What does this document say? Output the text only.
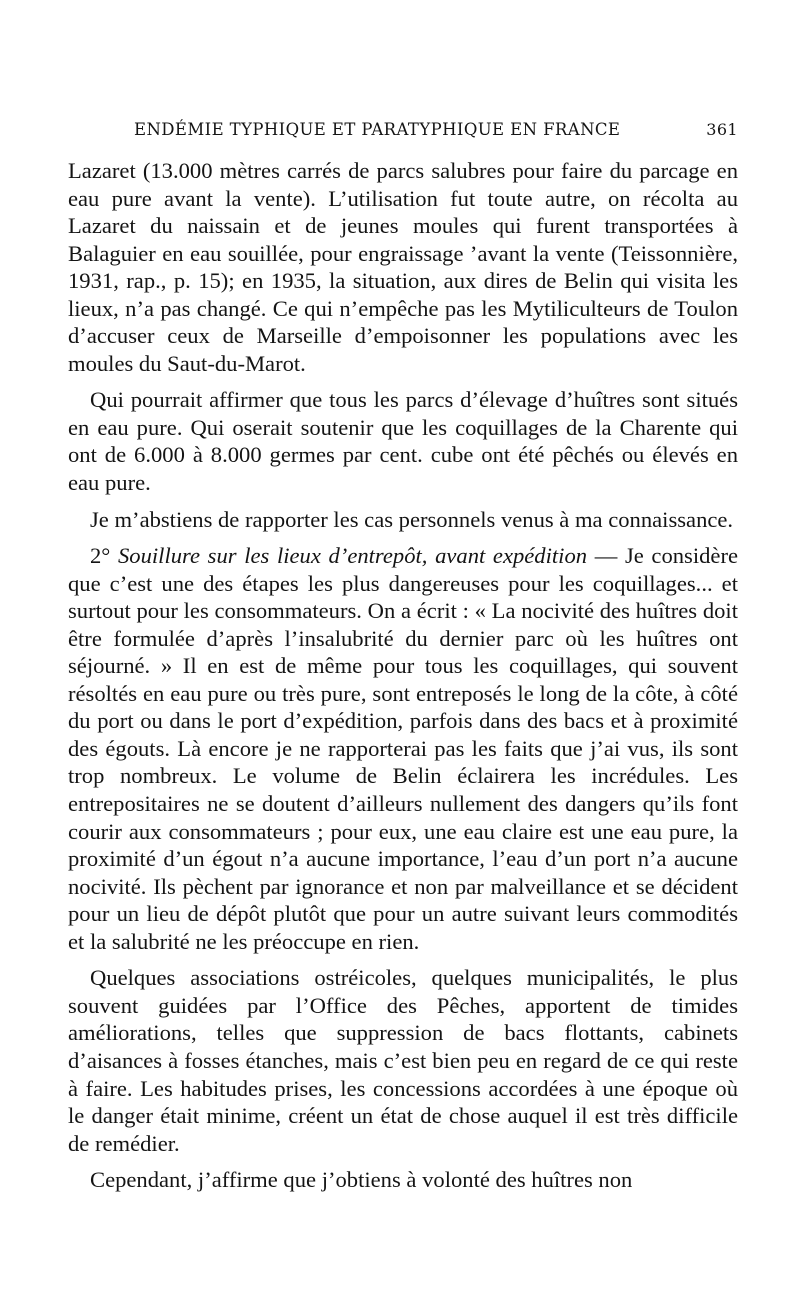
ENDÉMIE TYPHIQUE ET PARATYPHIQUE EN FRANCE	361

Lazaret (13.000 mètres carrés de parcs salubres pour faire du parcage en eau pure avant la vente). L’utilisation fut toute autre, on récolta au Lazaret du naissain et de jeunes moules qui furent transportées à Balaguier en eau souillée, pour engraissage ’avant la vente (Teissonnière, 1931, rap., p. 15); en 1935, la situation, aux dires de Belin qui visita les lieux, n’a pas changé. Ce qui n’empêche pas les Mytiliculteurs de Toulon d’accuser ceux de Marseille d’empoisonner les populations avec les moules du Saut-du-Marot.

Qui pourrait affirmer que tous les parcs d’élevage d’huîtres sont situés en eau pure. Qui oserait soutenir que les coquillages de la Charente qui ont de 6.000 à 8.000 germes par cent. cube ont été pêchés ou élevés en eau pure.

Je m’abstiens de rapporter les cas personnels venus à ma connaissance.

2° Souillure sur les lieux d’entrepôt, avant expédition — Je considère que c’est une des étapes les plus dangereuses pour les coquillages... et surtout pour les consommateurs. On a écrit : « La nocivité des huîtres doit être formulée d’après l’insalubrité du dernier parc où les huîtres ont séjourné. » Il en est de même pour tous les coquillages, qui souvent résoltés en eau pure ou très pure, sont entreposés le long de la côte, à côté du port ou dans le port d’expédition, parfois dans des bacs et à proximité des égouts. Là encore je ne rapporterai pas les faits que j’ai vus, ils sont trop nombreux. Le volume de Belin éclairera les incrédules. Les entrepositaires ne se doutent d’ailleurs nullement des dangers qu’ils font courir aux consommateurs ; pour eux, une eau claire est une eau pure, la proximité d’un égout n’a aucune importance, l’eau d’un port n’a aucune nocivité. Ils pèchent par ignorance et non par malveillance et se décident pour un lieu de dépôt plutôt que pour un autre suivant leurs commodités et la salubrité ne les préoccupe en rien.

Quelques associations ostréicoles, quelques municipalités, le plus souvent guidées par l’Office des Pêches, apportent de timides améliorations, telles que suppression de bacs flottants, cabinets d’aisances à fosses étanches, mais c’est bien peu en regard de ce qui reste à faire. Les habitudes prises, les concessions accordées à une époque où le danger était minime, créent un état de chose auquel il est très difficile de remédier.

Cependant, j’affirme que j’obtiens à volonté des huîtres non
